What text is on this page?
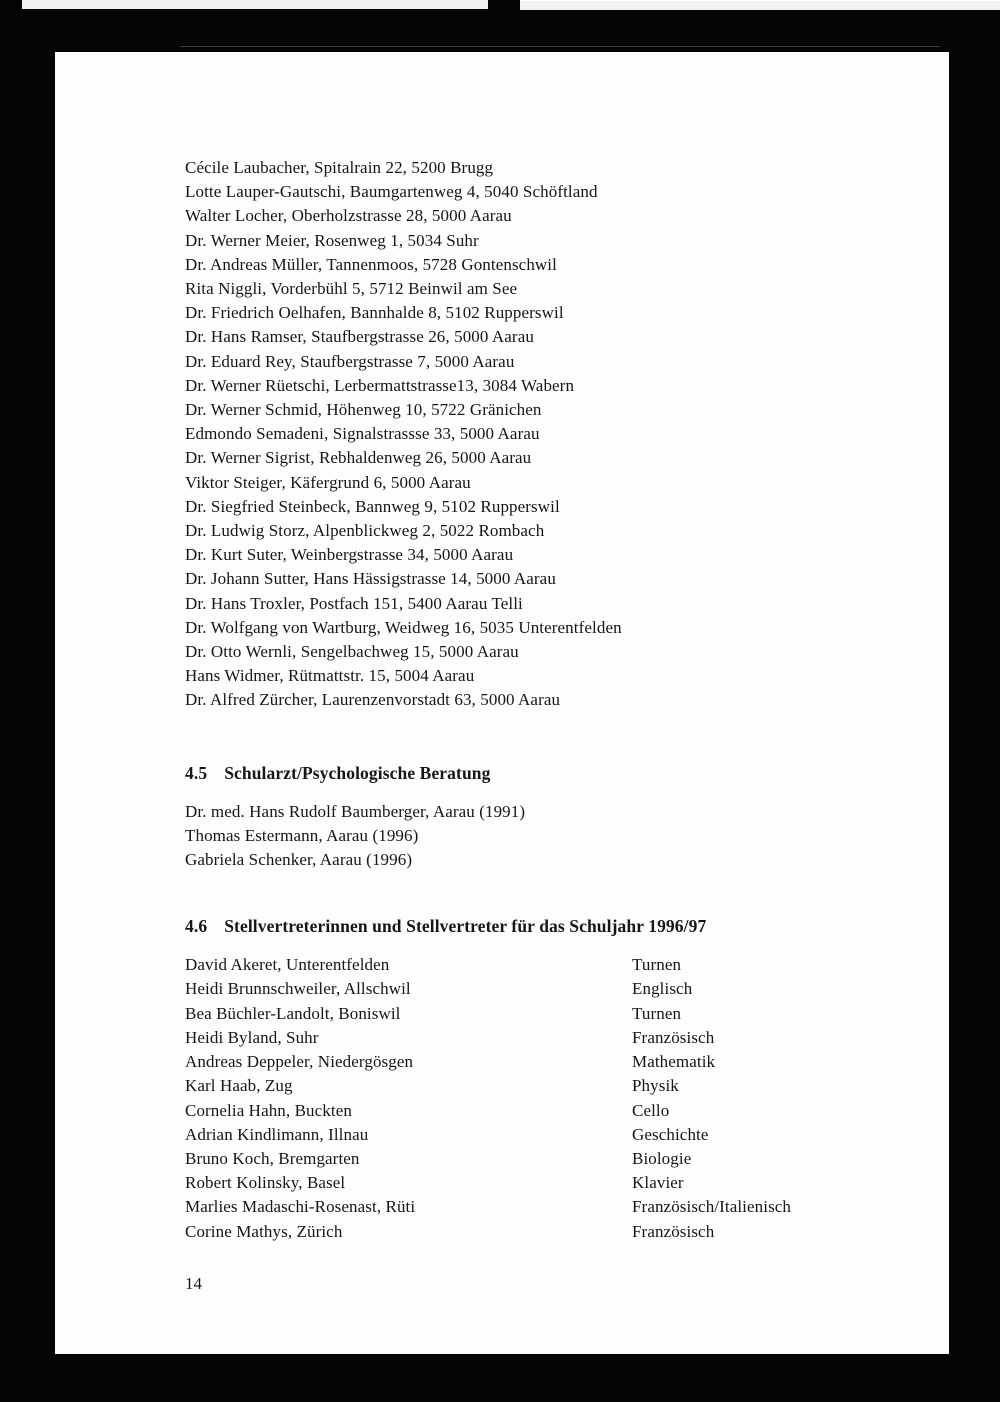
Cécile Laubacher, Spitalrain 22, 5200 Brugg
Lotte Lauper-Gautschi, Baumgartenweg 4, 5040 Schöftland
Walter Locher, Oberholzstrasse 28, 5000 Aarau
Dr. Werner Meier, Rosenweg 1, 5034 Suhr
Dr. Andreas Müller, Tannenmoos, 5728 Gontenschwil
Rita Niggli, Vorderbühl 5, 5712 Beinwil am See
Dr. Friedrich Oelhafen, Bannhalde 8, 5102 Rupperswil
Dr. Hans Ramser, Staufbergstrasse 26, 5000 Aarau
Dr. Eduard Rey, Staufbergstrasse 7, 5000 Aarau
Dr. Werner Rüetschi, Lerbermattstrasse13, 3084 Wabern
Dr. Werner Schmid, Höhenweg 10, 5722 Gränichen
Edmondo Semadeni, Signalstrassse 33, 5000 Aarau
Dr. Werner Sigrist, Rebhaldenweg 26, 5000 Aarau
Viktor Steiger, Käfergrund 6, 5000 Aarau
Dr. Siegfried Steinbeck, Bannweg 9, 5102 Rupperswil
Dr. Ludwig Storz, Alpenblickweg 2, 5022 Rombach
Dr. Kurt Suter, Weinbergstrasse 34, 5000 Aarau
Dr. Johann Sutter, Hans Hässigstrasse 14, 5000 Aarau
Dr. Hans Troxler, Postfach 151, 5400 Aarau Telli
Dr. Wolfgang von Wartburg, Weidweg 16, 5035 Unterentfelden
Dr. Otto Wernli, Sengelbachweg 15, 5000 Aarau
Hans Widmer, Rütmattstr. 15, 5004 Aarau
Dr. Alfred Zürcher, Laurenzenvorstadt 63, 5000 Aarau
4.5 Schularzt/Psychologische Beratung
Dr. med. Hans Rudolf Baumberger, Aarau (1991)
Thomas Estermann, Aarau (1996)
Gabriela Schenker, Aarau (1996)
4.6 Stellvertreterinnen und Stellvertreter für das Schuljahr 1996/97
David Akeret, Unterentfelden	Turnen
Heidi Brunnschweiler, Allschwil	Englisch
Bea Büchler-Landolt, Boniswil	Turnen
Heidi Byland, Suhr	Französisch
Andreas Deppeler, Niedergösgen	Mathematik
Karl Haab, Zug	Physik
Cornelia Hahn, Buckten	Cello
Adrian Kindlimann, Illnau	Geschichte
Bruno Koch, Bremgarten	Biologie
Robert Kolinsky, Basel	Klavier
Marlies Madaschi-Rosenast, Rüti	Französisch/Italienisch
Corine Mathys, Zürich	Französisch
14
